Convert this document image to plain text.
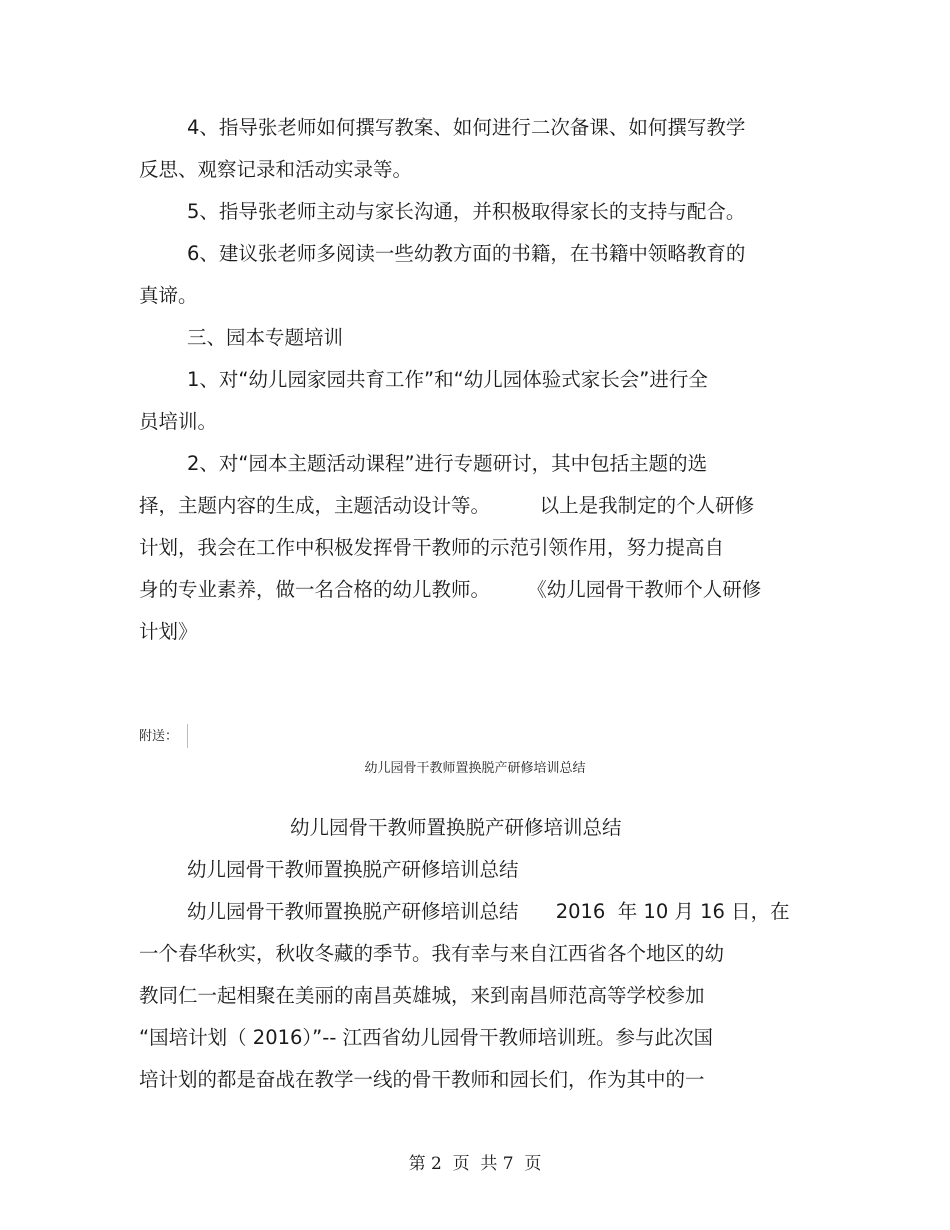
4、指导张老师如何撰写教案、如何进行二次备课、如何撰写教学
反思、观察记录和活动实录等。
5、指导张老师主动与家长沟通，并积极取得家长的支持与配合。
6、建议张老师多阅读一些幼教方面的书籍，在书籍中领略教育的
真谛。
三、园本专题培训
1、对“幼儿园家园共育工作”和“幼儿园体验式家长会”进行全
员培训。
2、对“园本主题活动课程”进行专题研讨，其中包括主题的选
择，主题内容的生成，主题活动设计等。        以上是我制定的个人研修
计划，我会在工作中积极发挥骨干教师的示范引领作用，努力提高自
身的专业素养，做一名合格的幼儿教师。      《幼儿园骨干教师个人研修
计划》
附送：
幼儿园骨干教师置换脱产研修培训总结
幼儿园骨干教师置换脱产研修培训总结
幼儿园骨干教师置换脱产研修培训总结
幼儿园骨干教师置换脱产研修培训总结      2016  年 10 月 16 日，在
一个春华秋实，秋收冬藏的季节。我有幸与来自江西省各个地区的幼
教同仁一起相聚在美丽的南昌英雄城，来到南昌师范高等学校参加
“国培计划（ 2016）”-- 江西省幼儿园骨干教师培训班。参与此次国
培计划的都是奋战在教学一线的骨干教师和园长们，作为其中的一
第 2  页  共 7  页
